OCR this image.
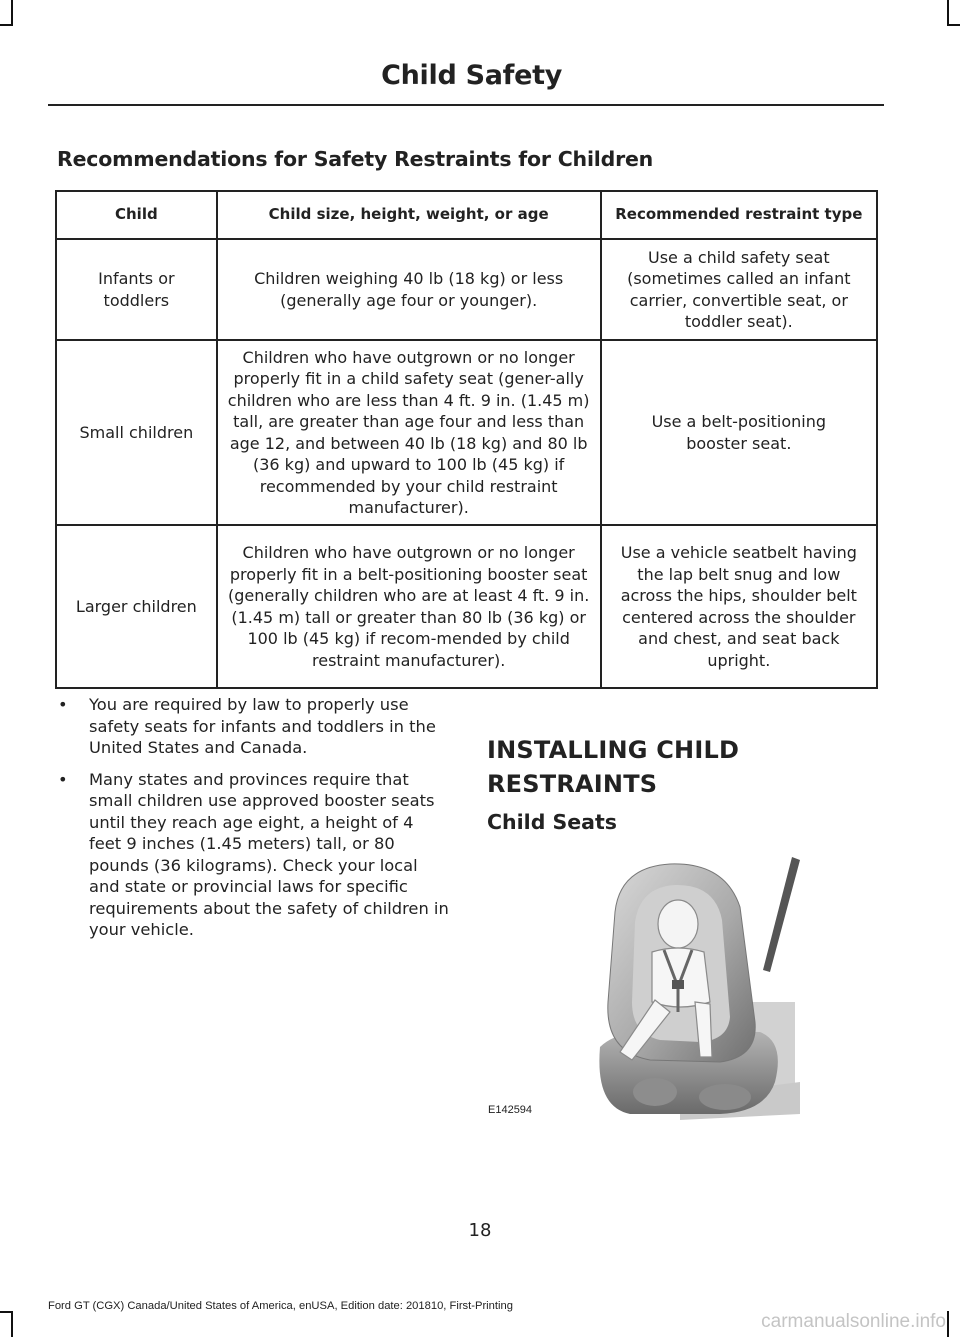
Child Safety
Recommendations for Safety Restraints for Children
Child	Child size, height, weight, or age	Recommended restraint type
Infants or toddlers	Children weighing 40 lb (18 kg) or less (generally age four or younger).	Use a child safety seat (sometimes called an infant carrier, convertible seat, or toddler seat).
Small children	Children who have outgrown or no longer properly fit in a child safety seat (gener-ally children who are less than 4 ft. 9 in. (1.45 m) tall, are greater than age four and less than age 12, and between 40 lb (18 kg) and 80 lb (36 kg) and upward to 100 lb (45 kg) if recommended by your child restraint manufacturer).	Use a belt-positioning booster seat.
Larger children	Children who have outgrown or no longer properly fit in a belt-positioning booster seat (generally children who are at least 4 ft. 9 in. (1.45 m) tall or greater than 80 lb (36 kg) or 100 lb (45 kg) if recom-mended by child restraint manufacturer).	Use a vehicle seatbelt having the lap belt snug and low across the hips, shoulder belt centered across the shoulder and chest, and seat back upright.
• You are required by law to properly use safety seats for infants and toddlers in the United States and Canada.
• Many states and provinces require that small children use approved booster seats until they reach age eight, a height of 4 feet 9 inches (1.45 meters) tall, or 80 pounds (36 kilograms). Check your local and state or provincial laws for specific requirements about the safety of children in your vehicle.
INSTALLING CHILD RESTRAINTS
Child Seats
E142594
18
Ford GT (CGX) Canada/United States of America, enUSA, Edition date: 201810, First-Printing
carmanualsonline.info
